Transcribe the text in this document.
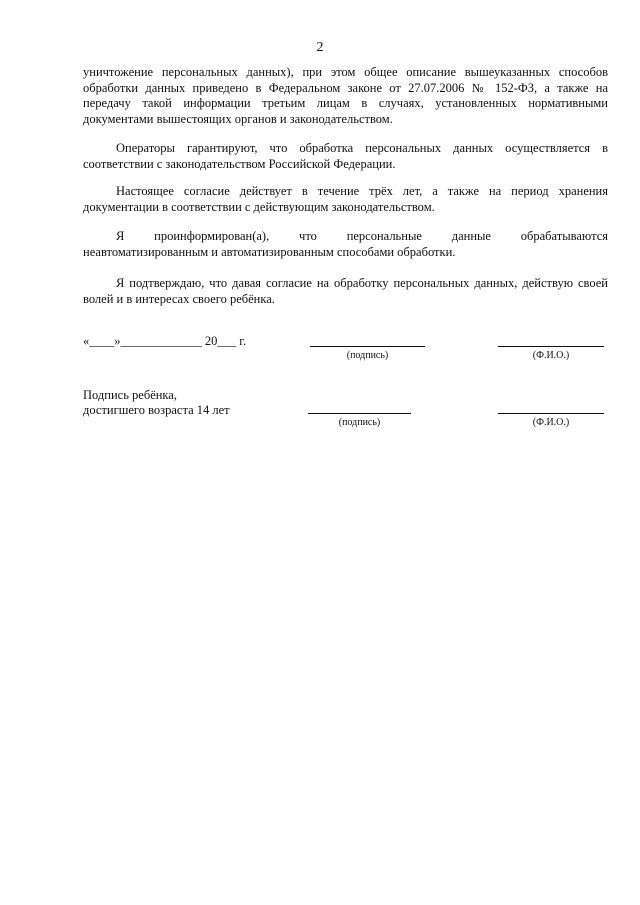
2
уничтожение персональных данных), при этом общее описание вышеуказанных способов
обработки данных приведено в Федеральном законе от 27.07.2006 № 152-ФЗ, а также на
передачу такой информации третьим лицам в случаях, установленных нормативными
документами вышестоящих органов и законодательством.
Операторы гарантируют, что обработка персональных данных осуществляется в
соответствии с законодательством Российской Федерации.
Настоящее согласие действует в течение трёх лет, а также на период хранения
документации в соответствии с действующим законодательством.
Я проинформирован(а), что персональные данные обрабатываются
неавтоматизированным и автоматизированным способами обработки.
Я подтверждаю, что давая согласие на обработку персональных данных, действую своей
волей и в интересах своего ребёнка.
«____»_____________ 20___ г.
(подпись)	(Ф.И.О.)
Подпись ребёнка,
достигшего возраста 14 лет
(подпись)	(Ф.И.О.)
